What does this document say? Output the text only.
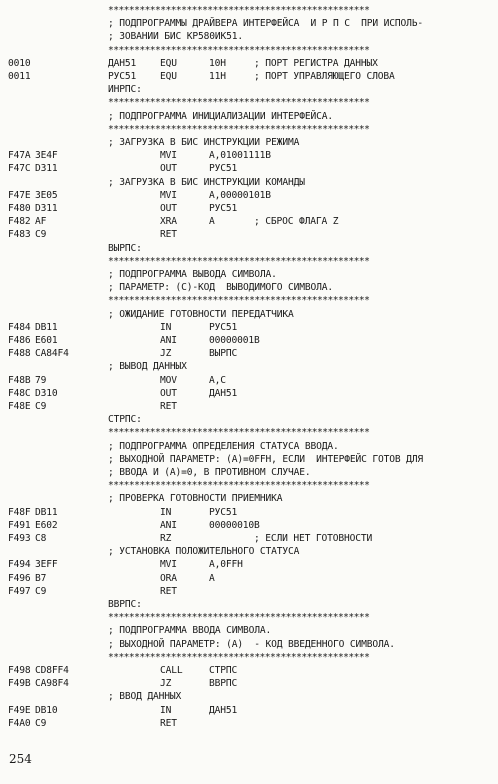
**************************************************
; ПОДПРОГРАММЫ ДРАЙВЕРА ИНТЕРФЕЙСА  И Р П С  ПРИ ИСПОЛЬ-
; ЗОВАНИИ БИС КР580ИК51.
**************************************************
0010	ДАН51 EQU	10H	; ПОРТ РЕГИСТРА ДАННЫХ
0011	РУС51 EQU	11H	; ПОРТ УПРАВЛЯЮЩЕГО СЛОВА
ИНРПС:
**************************************************
; ПОДПРОГРАММА ИНИЦИАЛИЗАЦИИ ИНТЕРФЕЙСА.
**************************************************
; ЗАГРУЗКА В БИС ИНСТРУКЦИИ РЕЖИМА
F47A 3E4F	MVI	A,01001111B
F47C D311	OUT	РУС51
; ЗАГРУЗКА В БИС ИНСТРУКЦИИ КОМАНДЫ
F47E 3E05	MVI	A,00000101B
F480 D311	OUT	РУС51
F482 AF	XRA	A	; СБРОС ФЛАГА Z
F483 C9	RET
ВЫРПС:
**************************************************
; ПОДПРОГРАММА ВЫВОДА СИМВОЛА.
; ПАРАМЕТР: (С)-КОД  ВЫВОДИМОГО СИМВОЛА.
**************************************************
; ОЖИДАНИЕ ГОТОВНОСТИ ПЕРЕДАТЧИКА
F484 DB11	IN	РУС51
F486 E601	ANI	00000001B
F488 CA84F4	JZ	ВЫРПС
; ВЫВОД ДАННЫХ
F48B 79	MOV	A,C
F48C D310	OUT	ДАН51
F48E C9	RET
СТРПС:
**************************************************
; ПОДПРОГРАММА ОПРЕДЕЛЕНИЯ СТАТУСА ВВОДА.
; ВЫХОДНОЙ ПАРАМЕТР: (А)=0FFH, ЕСЛИ  ИНТЕРФЕЙС ГОТОВ ДЛЯ
; ВВОДА И (А)=0, В ПРОТИВНОМ СЛУЧАЕ.
**************************************************
; ПРОВЕРКА ГОТОВНОСТИ ПРИЕМНИКА
F48F DB11	IN	РУС51
F491 E602	ANI	00000010B
F493 C8	RZ	; ЕСЛИ НЕТ ГОТОВНОСТИ
; УСТАНОВКА ПОЛОЖИТЕЛЬНОГО СТАТУСА
F494 3EFF	MVI	A,0FFH
F496 B7	ORA	A
F497 C9	RET
ВВРПС:
**************************************************
; ПОДПРОГРАММА ВВОДА СИМВОЛА.
; ВЫХОДНОЙ ПАРАМЕТР: (А)  - КОД ВВЕДЕННОГО СИМВОЛА.
**************************************************
F498 CD8FF4	CALL	СТРПС
F49B CA98F4	JZ	ВВРПС
; ВВОД ДАННЫХ
F49E DB10	IN	ДАН51
F4A0 C9	RET
254
